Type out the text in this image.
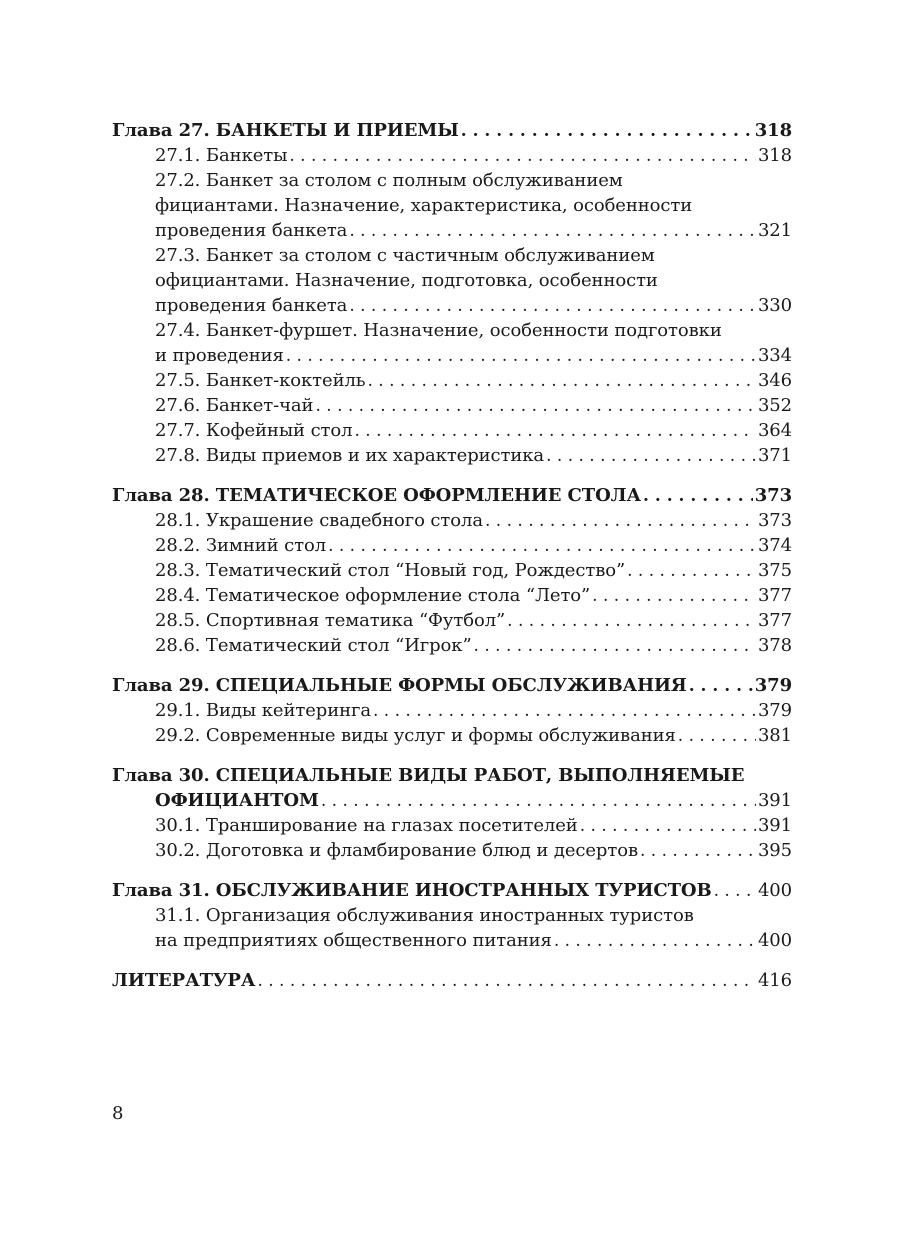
Глава 27. БАНКЕТЫ И ПРИЕМЫ . . .	318
27.1. Банкеты . . .	318
27.2. Банкет за столом с полным обслуживанием
фициантами. Назначение, характеристика, особенности
проведения банкета . . .	321
27.3. Банкет за столом с частичным обслуживанием
официантами. Назначение, подготовка, особенности
проведения банкета . . .	330
27.4. Банкет-фуршет. Назначение, особенности подготовки
и проведения . . .	334
27.5. Банкет-коктейль . . .	346
27.6. Банкет-чай . . .	352
27.7. Кофейный стол . . .	364
27.8. Виды приемов и их характеристика . . .	371
Глава 28. ТЕМАТИЧЕСКОЕ ОФОРМЛЕНИЕ СТОЛА . . .	373
28.1. Украшение свадебного стола . . .	373
28.2. Зимний стол . . .	374
28.3. Тематический стол “Новый год, Рождество” . . .	375
28.4. Тематическое оформление стола “Лето” . . .	377
28.5. Спортивная тематика “Футбол” . . .	377
28.6. Тематический стол “Игрок” . . .	378
Глава 29. СПЕЦИАЛЬНЫЕ ФОРМЫ ОБСЛУЖИВАНИЯ . . .	379
29.1. Виды кейтеринга . . .	379
29.2. Современные виды услуг и формы обслуживания . . .	381
Глава 30. СПЕЦИАЛЬНЫЕ ВИДЫ РАБОТ, ВЫПОЛНЯЕМЫЕ
ОФИЦИАНТОМ . . .	391
30.1. Транширование на глазах посетителей . . .	391
30.2. Доготовка и фламбирование блюд и десертов . . .	395
Глава 31. ОБСЛУЖИВАНИЕ ИНОСТРАННЫХ ТУРИСТОВ . . .	400
31.1. Организация обслуживания иностранных туристов
на предприятиях общественного питания . . .	400
ЛИТЕРАТУРА . . .	416
8
